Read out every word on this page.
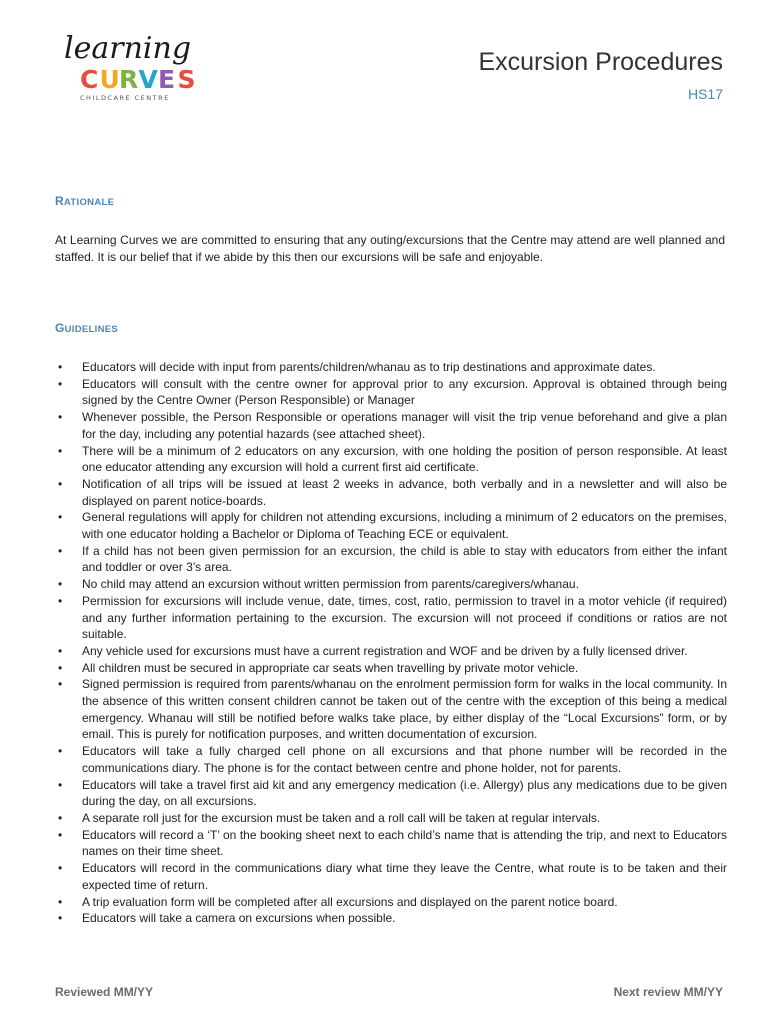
learning
C U R V E S
CHILDCARE CENTRE
Excursion Procedures
HS17
RATIONALE
At Learning Curves we are committed to ensuring that any outing/excursions that the Centre may attend are well planned and staffed. It is our belief that if we abide by this then our excursions will be safe and enjoyable.
GUIDELINES
• Educators will decide with input from parents/children/whanau as to trip destinations and approximate dates.
• Educators will consult with the centre owner for approval prior to any excursion. Approval is obtained through being signed by the Centre Owner (Person Responsible) or Manager
• Whenever possible, the Person Responsible or operations manager will visit the trip venue beforehand and give a plan for the day, including any potential hazards (see attached sheet).
• There will be a minimum of 2 educators on any excursion, with one holding the position of person responsible. At least one educator attending any excursion will hold a current first aid certificate.
• Notification of all trips will be issued at least 2 weeks in advance, both verbally and in a newsletter and will also be displayed on parent notice-boards.
• General regulations will apply for children not attending excursions, including a minimum of 2 educators on the premises, with one educator holding a Bachelor or Diploma of Teaching ECE or equivalent.
• If a child has not been given permission for an excursion, the child is able to stay with educators from either the infant and toddler or over 3’s area.
• No child may attend an excursion without written permission from parents/caregivers/whanau.
• Permission for excursions will include venue, date, times, cost, ratio, permission to travel in a motor vehicle (if required) and any further information pertaining to the excursion. The excursion will not proceed if conditions or ratios are not suitable.
• Any vehicle used for excursions must have a current registration and WOF and be driven by a fully licensed driver.
• All children must be secured in appropriate car seats when travelling by private motor vehicle.
• Signed permission is required from parents/whanau on the enrolment permission form for walks in the local community. In the absence of this written consent children cannot be taken out of the centre with the exception of this being a medical emergency. Whanau will still be notified before walks take place, by either display of the “Local Excursions” form, or by email. This is purely for notification purposes, and written documentation of excursion.
• Educators will take a fully charged cell phone on all excursions and that phone number will be recorded in the communications diary. The phone is for the contact between centre and phone holder, not for parents.
• Educators will take a travel first aid kit and any emergency medication (i.e. Allergy) plus any medications due to be given during the day, on all excursions.
• A separate roll just for the excursion must be taken and a roll call will be taken at regular intervals.
• Educators will record a ‘T’ on the booking sheet next to each child’s name that is attending the trip, and next to Educators names on their time sheet.
• Educators will record in the communications diary what time they leave the Centre, what route is to be taken and their expected time of return.
• A trip evaluation form will be completed after all excursions and displayed on the parent notice board.
• Educators will take a camera on excursions when possible.
Reviewed MM/YY	Next review MM/YY
